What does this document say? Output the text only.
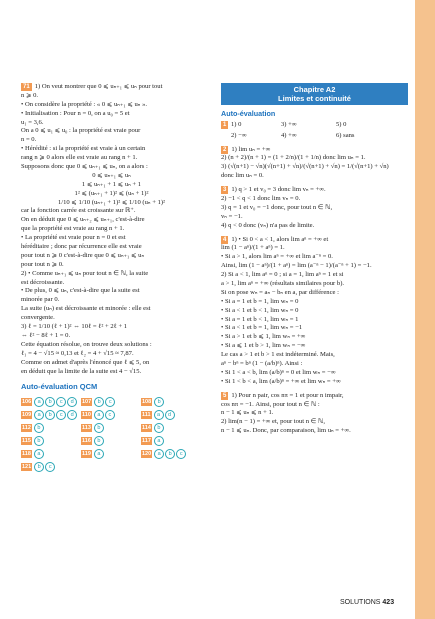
71 1) On veut montrer que 0 ⩽ uₙ₊₁ ⩽ uₙ pour tout
n ⩾ 0.
• On considère la propriété : « 0 ⩽ uₙ₊₁ ⩽ uₙ ».
• Initialisation : Pour n = 0, on a u₀ = 5 et
u₁ = 3,6.
On a 0 ⩽ u₁ ⩽ u₀ : la propriété est vraie pour
n = 0.
• Hérédité : si la propriété est vraie à un certain
rang n ⩾ 0 alors elle est vraie au rang n + 1.
Supposons donc que 0 ⩽ uₙ₊₁ ⩽ uₙ, on a alors :
0 ⩽ uₙ₊₁ ⩽ uₙ
1 ⩽ uₙ₊₁ + 1 ⩽ uₙ + 1
1² ⩽ (uₙ₊₁ + 1)² ⩽ (uₙ + 1)²
1/10 ⩽ 1/10 (uₙ₊₁ + 1)² ⩽ 1/10 (uₙ + 1)²
car la fonction carrée est croissante sur ℝ⁺.
On en déduit que 0 ⩽ uₙ₊₂ ⩽ uₙ₊₁, c'est-à-dire
que la propriété est vraie au rang n + 1.
• La propriété est vraie pour n = 0 et est
héréditaire ; donc par récurrence elle est vraie
pour tout n ⩾ 0 c'est-à-dire que 0 ⩽ uₙ₊₁ ⩽ uₙ
pour tout n ⩾ 0.
2) • Comme uₙ₊₁ ⩽ uₙ pour tout n ∈ ℕ, la suite
est décroissante.
• De plus, 0 ⩽ uₙ, c'est-à-dire que la suite est
minorée par 0.
La suite (uₙ) est décroissante et minorée : elle est
convergente.
3) ℓ = 1/10 (ℓ + 1)² ⇔ 10ℓ = ℓ² + 2ℓ + 1
⇔ ℓ² − 8ℓ + 1 = 0.
Cette équation résolue, on trouve deux solutions :
ℓ₁ = 4 − √15 ≈ 0,13 et ℓ₂ = 4 + √15 ≈ 7,87.
Comme on admet d'après l'énoncé que ℓ ⩽ 5, on
en déduit que la limite de la suite est 4 − √15.
Auto-évaluation QCM
106	a	b	c	d	107	b	c	108	b
109	a	b	c	d	110	a	c	111	a	d
112	b	113	b	114	b
115	b	116	b	117	a
118	a	119	a	120	a	b	c
121	b	c
Chapitre A2
Limites et continuité
Auto-évaluation
1 1) 0	3) +∞	5) 0
2) −∞	4) +∞	6) sans
2 1) lim uₙ = +∞
2) (n + 2)/(n + 1) = (1 + 2/n)/(1 + 1/n) donc lim uₙ = 1.
3) (√(n+1) − √n)(√(n+1) + √n)/(√(n+1) + √n) = 1/(√(n+1) + √n)
donc lim uₙ = 0.
3 1) q > 1 et v₀ = 3 donc lim vₙ = +∞.
2) −1 < q < 1 donc lim vₙ = 0.
3) q = 1 et v₀ = −1 donc, pour tout n ∈ ℕ,
vₙ = −1.
4) q < 0 donc (vₙ) n'a pas de limite.
4 1) • Si 0 < a < 1, alors lim aⁿ = +∞ et
lim (1 − aⁿ)/(1 + aⁿ) = 1.
• Si a > 1, alors lim aⁿ = +∞ et lim a⁻ⁿ = 0.
Ainsi, lim (1 − aⁿ)/(1 + aⁿ) = lim (a⁻ⁿ − 1)/(a⁻ⁿ + 1) = −1.
2) Si a < 1, lim aⁿ = 0 ; si a = 1, lim aⁿ = 1 et si
a > 1, lim aⁿ = +∞ (résultats similaires pour b).
Si on pose wₙ = aₙ − bₙ en a, par différence :
• Si a = 1 et b = 1, lim wₙ = 0
• Si a < 1 et b < 1, lim wₙ = 0
• Si a = 1 et b < 1, lim wₙ = 1
• Si a < 1 et b = 1, lim wₙ = −1
• Si a > 1 et b ⩽ 1, lim wₙ = +∞
• Si a ⩽ 1 et b > 1, lim wₙ = −∞
Le cas a > 1 et b > 1 est indéterminé. Mais,
aⁿ − bⁿ = bⁿ (1 − (a/b)ⁿ). Ainsi :
• Si 1 < a < b, lim (a/b)ⁿ = 0 et lim wₙ = −∞
• Si 1 < b < a, lim (a/b)ⁿ = +∞ et lim wₙ = +∞
5 1) Pour n pair, cos nπ = 1 et pour n impair,
cos nπ = −1. Ainsi, pour tout n ∈ ℕ :
n − 1 ⩽ uₙ ⩽ n + 1.
2) lim(n − 1) = +∞ et, pour tout n ∈ ℕ,
n − 1 ⩽ uₙ. Donc, par comparaison, lim uₙ = +∞.
SOLUTIONS 423
